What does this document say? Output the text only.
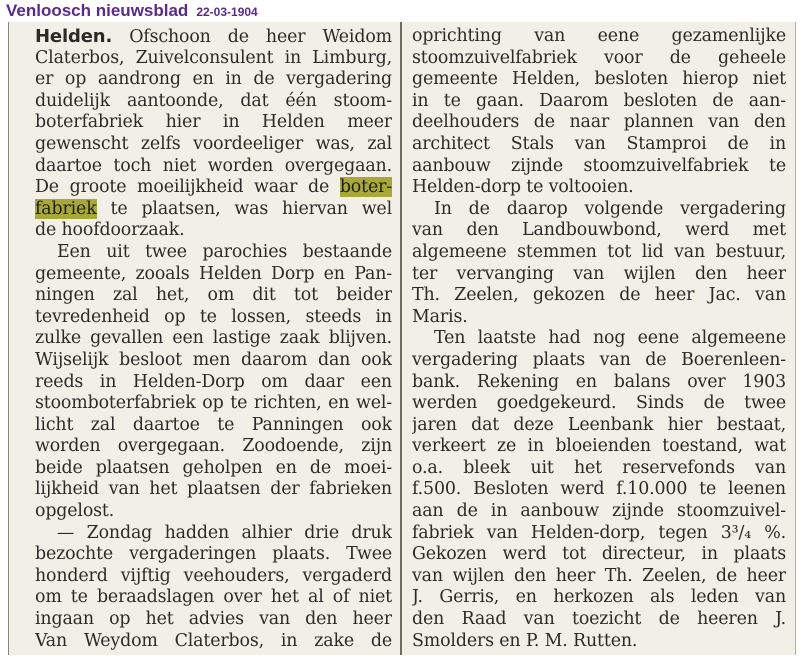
Venloosch nieuwsblad 22-03-1904
Helden. Ofschoon de heer Weidom
Claterbos, Zuivelconsulent in Limburg,
er op aandrong en in de vergadering
duidelijk aantoonde, dat één stoom-
boterfabriek hier in Helden meer
gewenscht zelfs voordeeliger was, zal
daartoe toch niet worden overgegaan.
De groote moeilijkheid waar de boter-
fabriek te plaatsen, was hiervan wel
de hoofdoorzaak.
Een uit twee parochies bestaande
gemeente, zooals Helden Dorp en Pan-
ningen zal het, om dit tot beider
tevredenheid op te lossen, steeds in
zulke gevallen een lastige zaak blijven.
Wijselijk besloot men daarom dan ook
reeds in Helden-Dorp om daar een
stoomboterfabriek op te richten, en wel-
licht zal daartoe te Panningen ook
worden overgegaan. Zoodoende, zijn
beide plaatsen geholpen en de moei-
lijkheid van het plaatsen der fabrieken
opgelost.
— Zondag hadden alhier drie druk
bezochte vergaderingen plaats. Twee
honderd vijftig veehouders, vergaderd
om te beraadslagen over het al of niet
ingaan op het advies van den heer
Van Weydom Claterbos, in zake de
oprichting van eene gezamenlijke
stoomzuivelfabriek voor de geheele
gemeente Helden, besloten hierop niet
in te gaan. Daarom besloten de aan-
deelhouders de naar plannen van den
architect Stals van Stamproi de in
aanbouw zijnde stoomzuivelfabriek te
Helden-dorp te voltooien.
In de daarop volgende vergadering
van den Landbouwbond, werd met
algemeene stemmen tot lid van bestuur,
ter vervanging van wijlen den heer
Th. Zeelen, gekozen de heer Jac. van
Maris.
Ten laatste had nog eene algemeene
vergadering plaats van de Boerenleen-
bank. Rekening en balans over 1903
werden goedgekeurd. Sinds de twee
jaren dat deze Leenbank hier bestaat,
verkeert ze in bloeienden toestand, wat
o.a. bleek uit het reservefonds van
f.500. Besloten werd f.10.000 te leenen
aan de in aanbouw zijnde stoomzuivel-
fabriek van Helden-dorp, tegen 3³/₄ %.
Gekozen werd tot directeur, in plaats
van wijlen den heer Th. Zeelen, de heer
J. Gerris, en herkozen als leden van
den Raad van toezicht de heeren J.
Smolders en P. M. Rutten.
